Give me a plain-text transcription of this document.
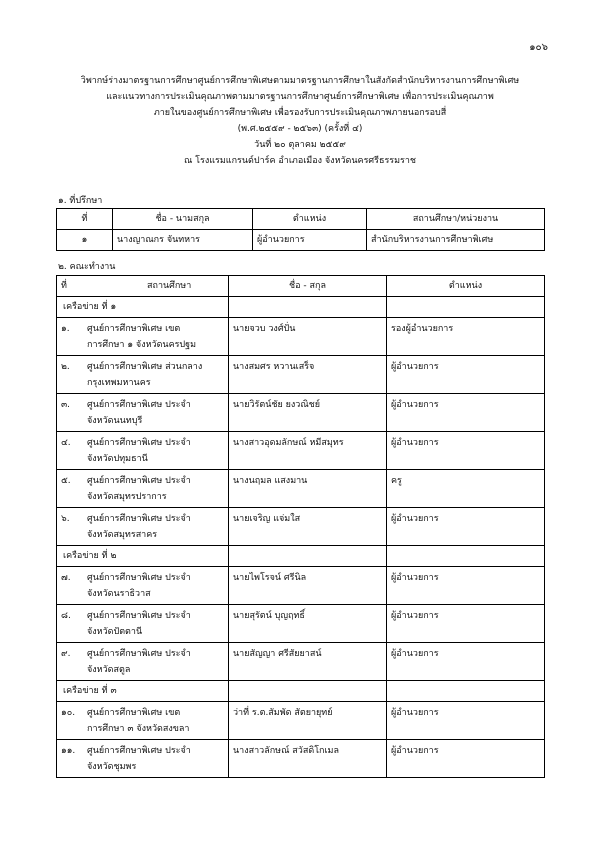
๑๐๖
วิพากษ์ร่างมาตรฐานการศึกษาศูนย์การศึกษาพิเศษตามมาตรฐานการศึกษาในสังกัดสำนักบริหารงานการศึกษาพิเศษ
และแนวทางการประเมินคุณภาพตามมาตรฐานการศึกษาศูนย์การศึกษาพิเศษ เพื่อการประเมินคุณภาพ
ภายในของศูนย์การศึกษาพิเศษ เพื่อรองรับการประเมินคุณภาพภายนอกรอบสี่
(พ.ศ.๒๕๕๙ - ๒๕๖๓) (ครั้งที่ ๔)
วันที่ ๒๐ ตุลาคม ๒๕๕๙
ณ โรงแรมแกรนด์ปาร์ค อำเภอเมือง จังหวัดนครศรีธรรมราช
๑. ที่ปรึกษา
ที่	ชื่อ - นามสกุล	ตำแหน่ง	สถานศึกษา/หน่วยงาน
๑	นางญาณกร จันทหาร	ผู้อำนวยการ	สำนักบริหารงานการศึกษาพิเศษ
๒. คณะทำงาน
ที่ สถานศึกษา	ชื่อ - สกุล	ตำแหน่ง
เครือข่าย ที่ ๑		

๑. ศูนย์การศึกษาพิเศษ เขต
การศึกษา ๑ จังหวัดนครปฐม	นายจวบ วงศ์ปั่น	รองผู้อำนวยการ

๒. ศูนย์การศึกษาพิเศษ ส่วนกลาง
กรุงเทพมหานคร	นางสมศร หวานเสร็จ	ผู้อำนวยการ

๓. ศูนย์การศึกษาพิเศษ ประจำ
จังหวัดนนทบุรี	นายวิรัตน์ชัย ยงวณิชย์	ผู้อำนวยการ

๔. ศูนย์การศึกษาพิเศษ ประจำ
จังหวัดปทุมธานี	นางสาวอุดมลักษณ์ หมีสมุทร	ผู้อำนวยการ

๕. ศูนย์การศึกษาพิเศษ ประจำ
จังหวัดสมุทรปราการ	นางนฤมล แสงมาน	ครู

๖. ศูนย์การศึกษาพิเศษ ประจำ
จังหวัดสมุทรสาคร	นายเจริญ แจ่มใส	ผู้อำนวยการ
เครือข่าย ที่ ๒		

๗. ศูนย์การศึกษาพิเศษ ประจำ
จังหวัดนราธิวาส	นายไพโรจน์ ศรีนิล	ผู้อำนวยการ

๘. ศูนย์การศึกษาพิเศษ ประจำ
จังหวัดปัตตานี	นายสุรัตน์ บุญฤทธิ์	ผู้อำนวยการ

๙. ศูนย์การศึกษาพิเศษ ประจำ
จังหวัดสตูล	นายสัญญา ศรีสัยยาสน์	ผู้อำนวยการ
เครือข่าย ที่ ๓		

๑๐. ศูนย์การศึกษาพิเศษ เขต
การศึกษา ๓ จังหวัดสงขลา	ว่าที่ ร.ต.สัมพัด สัตยายุทย์	ผู้อำนวยการ

๑๑. ศูนย์การศึกษาพิเศษ ประจำ
จังหวัดชุมพร	นางสาวลักษณ์ สวัสดิโกเมล	ผู้อำนวยการ
